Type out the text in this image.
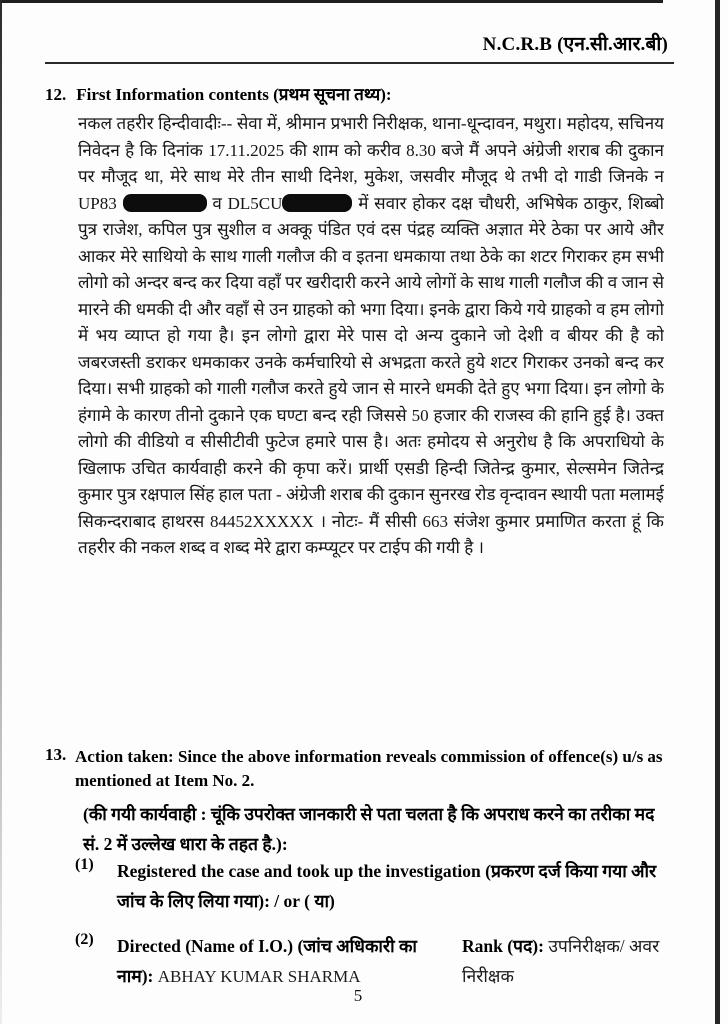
N.C.R.B (एन.सी.आर.बी)
12. First Information contents (प्रथम सूचना तथ्य):
नकल तहरीर हिन्दीवादीः-- सेवा में, श्रीमान प्रभारी निरीक्षक, थाना-धून्दावन, मथुरा। महोदय, सचिनय निवेदन है कि दिनांक 17.11.2025 की शाम को करीव 8.30 बजे मैं अपने अंग्रेजी शराब की दुकान पर मौजूद था, मेरे साथ मेरे तीन साथी दिनेश, मुकेश, जसवीर मौजूद थे तभी दो गाडी जिनके न UP83	व DL5CU	में सवार होकर दक्ष चौधरी, अभिषेक ठाकुर, शिब्बो पुत्र राजेश, कपिल पुत्र सुशील व अक्कू पंडित एवं दस पंद्रह व्यक्ति अज्ञात मेरे ठेका पर आये और आकर मेरे साथियो के साथ गाली गलौज की व इतना धमकाया तथा ठेके का शटर गिराकर हम सभी लोगो को अन्दर बन्द कर दिया वहाँ पर खरीदारी करने आये लोगों के साथ गाली गलौज की व जान से मारने की धमकी दी और वहाँ से उन ग्राहको को भगा दिया। इनके द्वारा किये गये ग्राहको व हम लोगो में भय व्याप्त हो गया है। इन लोगो द्वारा मेरे पास दो अन्य दुकाने जो देशी व बीयर की है को जबरजस्ती डराकर धमकाकर उनके कर्मचारियो से अभद्रता करते हुये शटर गिराकर उनको बन्द कर दिया। सभी ग्राहको को गाली गलौज करते हुये जान से मारने धमकी देते हुए भगा दिया। इन लोगो के हंगामे के कारण तीनो दुकाने एक घण्टा बन्द रही जिससे 50 हजार की राजस्व की हानि हुई है। उक्त लोगो की वीडियो व सीसीटीवी फुटेज हमारे पास है। अतः हमोदय से अनुरोध है कि अपराधियो के खिलाफ उचित कार्यवाही करने की कृपा करें। प्रार्थी एसडी हिन्दी जितेन्द्र कुमार, सेल्समेन जितेन्द्र कुमार पुत्र रक्षपाल सिंह हाल पता - अंग्रेजी शराब की दुकान सुनरख रोड वृन्दावन स्थायी पता मलामई सिकन्दराबाद हाथरस 84452XXXXX । नोटः- मैं सीसी 663 संजेश कुमार प्रमाणित करता हूं कि तहरीर की नकल शब्द व शब्द मेरे द्वारा कम्प्यूटर पर टाईप की गयी है ।
13. Action taken: Since the above information reveals commission of offence(s) u/s as mentioned at Item No. 2.
(की गयी कार्यवाही : चूंकि उपरोक्त जानकारी से पता चलता है कि अपराध करने का तरीका मद सं. 2 में उल्लेख धारा के तहत है.):
(1)	Registered the case and took up the investigation (प्रकरण दर्ज किया गया और जांच के लिए लिया गया): / or ( या)
(2)	Directed (Name of I.O.) (जांच अधिकारी का नाम): ABHAY KUMAR SHARMA
Rank (पद): उपनिरीक्षक/ अवर निरीक्षक
5
